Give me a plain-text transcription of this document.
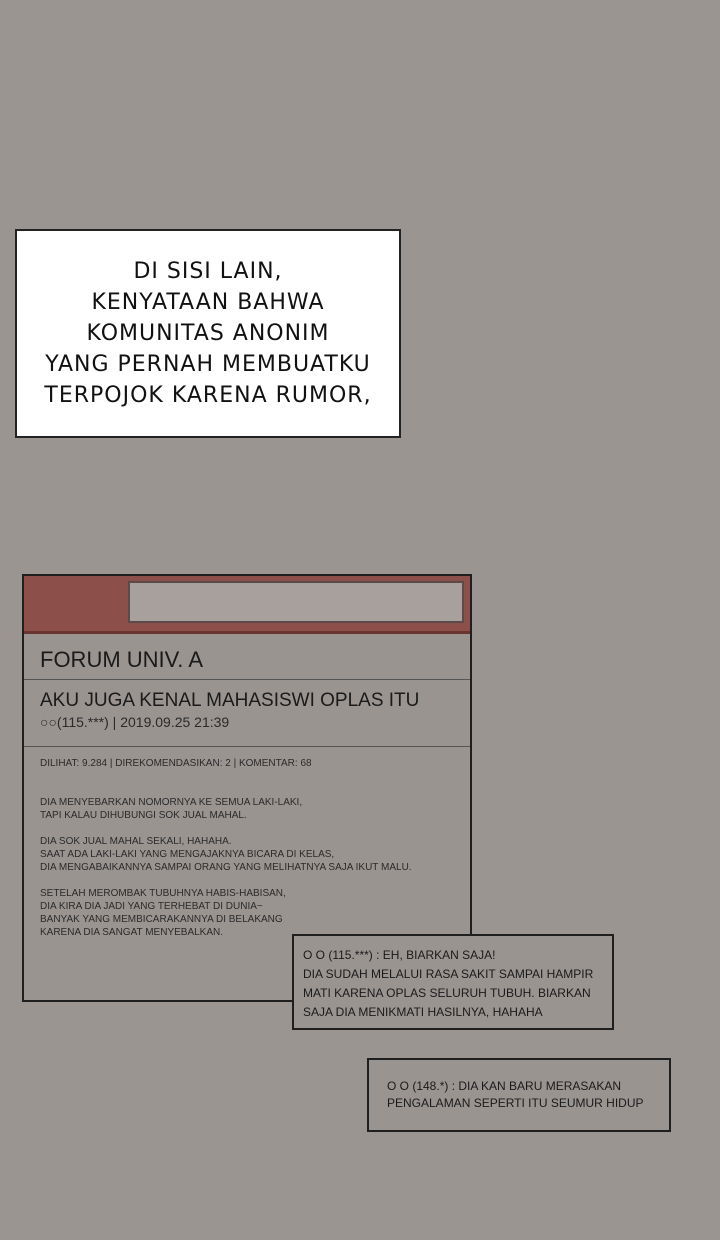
DI SISI LAIN,
KENYATAAN BAHWA
KOMUNITAS ANONIM
YANG PERNAH MEMBUATKU
TERPOJOK KARENA RUMOR,
FORUM UNIV. A
AKU JUGA KENAL MAHASISWI OPLAS ITU
○○(115.***) | 2019.09.25 21:39
DILIHAT: 9.284 | DIREKOMENDASIKAN: 2 | KOMENTAR: 68
DIA MENYEBARKAN NOMORNYA KE SEMUA LAKI-LAKI,
TAPI KALAU DIHUBUNGI SOK JUAL MAHAL.
DIA SOK JUAL MAHAL SEKALI, HAHAHA.
SAAT ADA LAKI-LAKI YANG MENGAJAKNYA BICARA DI KELAS,
DIA MENGABAIKANNYA SAMPAI ORANG YANG MELIHATNYA SAJA IKUT MALU.
SETELAH MEROMBAK TUBUHNYA HABIS-HABISAN,
DIA KIRA DIA JADI YANG TERHEBAT DI DUNIA~
BANYAK YANG MEMBICARAKANNYA DI BELAKANG
KARENA DIA SANGAT MENYEBALKAN.
O O (115.***) : EH, BIARKAN SAJA!
DIA SUDAH MELALUI RASA SAKIT SAMPAI HAMPIR
MATI KARENA OPLAS SELURUH TUBUH. BIARKAN
SAJA DIA MENIKMATI HASILNYA, HAHAHA
O O (148.*) : DIA KAN BARU MERASAKAN
PENGALAMAN SEPERTI ITU SEUMUR HIDUP
